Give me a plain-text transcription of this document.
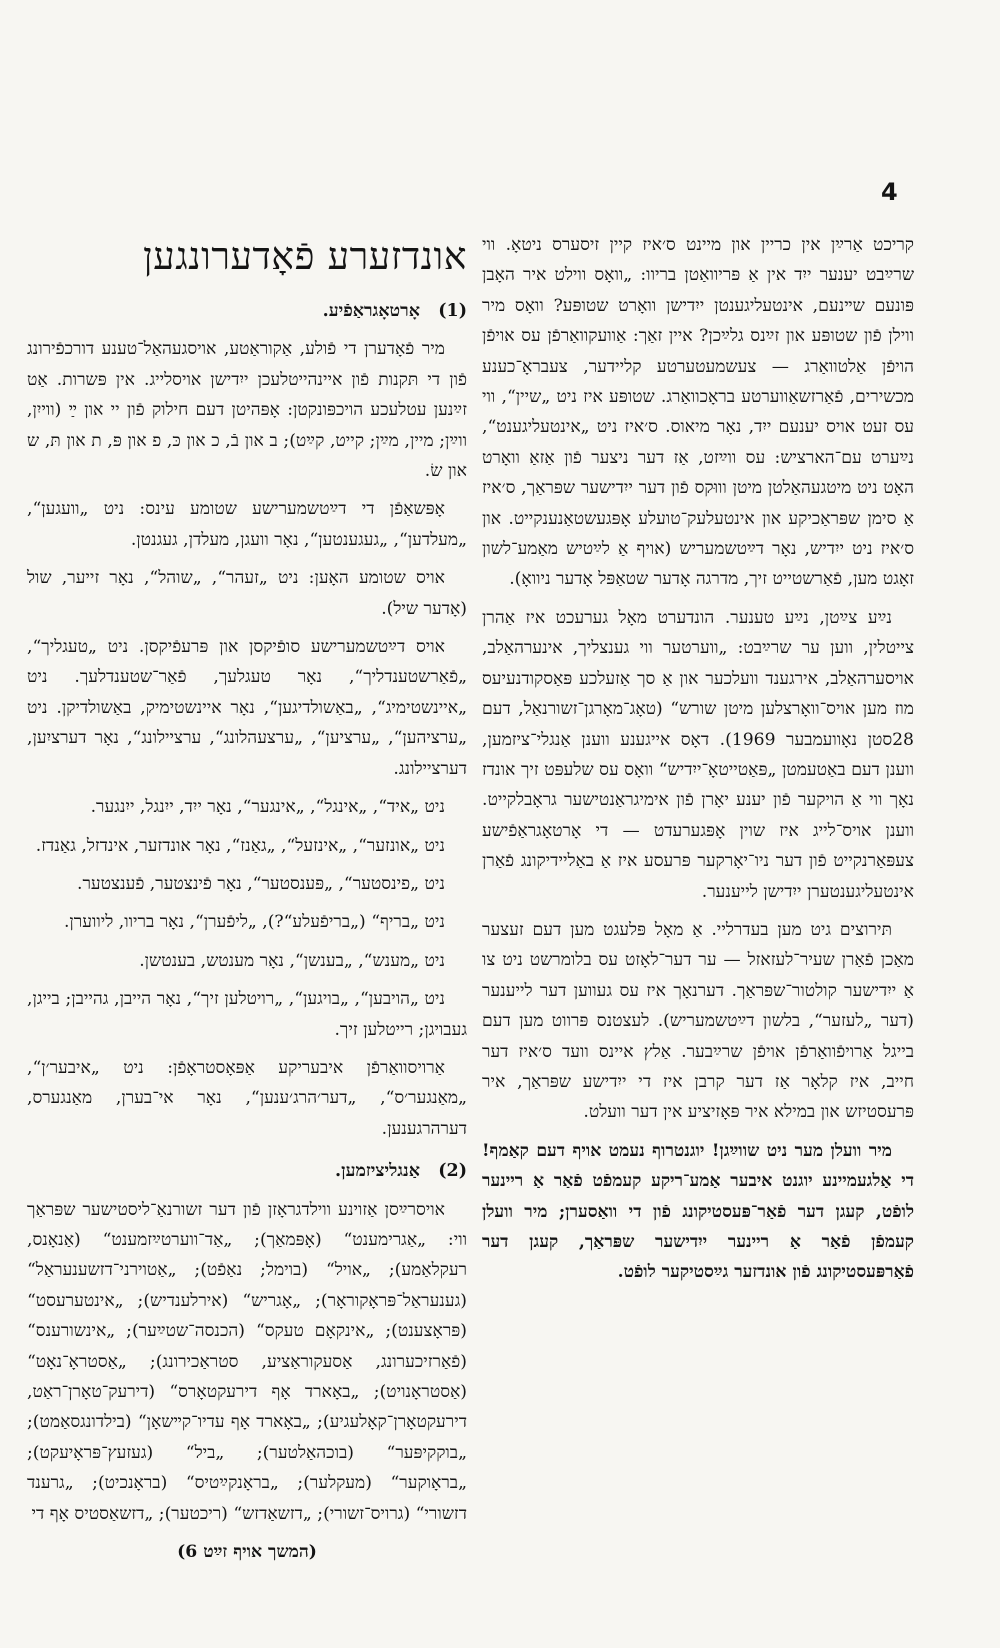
4

קריכט אַרײַן אין כריין און מיינט ס׳איז קיין זיסערס ניטאָ. ווי שרײַבט יענער ייִד אין אַ פּריוואַטן בריוו: „וואָס ווילט איר האָבן פּונעם שײנעם, אינטעליגענטן ייִדישן וואָרט שטופּע? וואָס מיר ווילן פֿון שטופּע און זײַנס גלײַכן? איין זאַך: אַוועקוואַרפֿן עס אויפֿן הויפֿן אַלטוואַרג — צעשמעטערטע קליידער, צעבראָ־כענע מכשירים, פֿאַרזשאַווערטע בראָכוואַרג. שטופּע איז ניט „שיין“, ווי עס זעט אויס יענעם ייִד, נאָר מיאוס. ס׳איז ניט „אינטעליגענט“, נײַערט עם־הארציש: עס ווײַזט, אַז דער ניצער פֿון אַזאַ וואָרט האָט ניט מיטגעהאַלטן מיטן וווּקס פֿון דער ייִדישער שפּראַך, ס׳איז אַ סימן שפּראַכיקע און אינטעלעק־טועלע אָפּגעשטאַנענקייט. און ס׳איז ניט ייִדיש, נאָר דײַטשמעריש (אויף אַ לײַטיש מאַמע־לשון זאָגט מען, פֿאַרשטייט זיך, מדרגה אָדער שטאַפּל אָדער ניוואָ).

נײַע צײַטן, נײַע טענער. הונדערט מאָל גערעכט איז אַהרן צייטלין, ווען ער שרײַבט: „ווערטער ווי גענצליך, אינערהאַלב, אויסערהאַלב, אירגענד וועלכער און אַ סך אַזעלכע פּאַסקודנעיעס מוז מען אויס־וואָרצלען מיטן שורש“ (טאָג־מאָרגן־זשורנאַל, דעם 28סטן נאָוועמבער 1969). דאָס אייגענע ווענן אַנגלי־ציזמען, ווענן דעם באַטעמטן „פּאַטייטאָ־ייִדיש“ וואָס עס שלעפּט זיך אונדז נאָך ווי אַ הויקער פֿון יענע יאָרן פֿון אימיגראַנטישער גראָבלקייט. ווענן אויס־לייג איז שוין אָפּגערעדט — די אָרטאָגראַפֿישע צעפּאַרנקייט פֿון דער ניו־יאָרקער פּרעסע איז אַ באַליידיקונג פֿאַרן אינטעליגענטערן ייִדישן לייענער.

תּירוצים גיט מען בעדרליי. אַ מאָל פּלעגט מען דעם זעצער מאַכן פֿאַרן שעיר־לעזאזל — ער דער־לאָזט עס בלומרשט ניט צו אַ ייִדישער קולטור־שפּראַך. דערנאָך איז עס געווען דער לייענער (דער „לעזער“, בלשון דײַטשמעריש). לעצטנס פּרווט מען דעם בייגל אַרויפֿוואַרפֿן אויפֿן שרײַבער. אַלץ איינס וועד ס׳איז דער חייב, איז קלאָר אַז דער קרבן איז די ייִדישע שפּראַך, איר פּרעסטיזש און במילא איר פּאָזיציע אין דער וועלט.

מיר וועלן מער ניט שווײַגן! יוגנטרוף נעמט אויף דעם קאַמף! די אַלגעמיינע יוגנט איבער אַמע־ריקע קעמפֿט פֿאַר אַ ריינער לופֿט, קעגן דער פֿאַר־פּעסטיקונג פֿון די וואַסערן; מיר וועלן קעמפֿן פֿאַר אַ ריינער ייִדישער שפּראַך, קעגן דער פֿאַרפּעסטיקונג פֿון אונדזער גײַסטיקער לופֿט.

אונדזערע פֿאָדערונגען
(1)   אָרטאָגראַפֿיע.

מיר פֿאָדערן די פֿולע, אַקוראַטע, אויסגעהאַל־טענע דורכפֿירונג פֿון די תּקנות פֿון איינהייטלעכן ייִדישן אויסלייג. אין פּשרות. אַט זײַנען עטלעכע הויכפּונקטן: אָפּהיטן דעם חילוק פֿון יי און ײַ (ווייִן, ווײַן; מיין, מײַן; קייט, קײַט); ב און בֿ, כ און כּ, פ און פּ, ת און תּ, ש און שׂ.

אָפּשאַפֿן די דײַטשמערישע שטומע עינס: ניט „וועגען“, „מעלדען“, „געגענטען“, נאָר וועגן, מעלדן, געגנטן.

אויס שטומע האָען: ניט „זעהר“, „שוהל“, נאָר זייער, שול (אָדער שיל).

אויס דײַטשמערישע סופֿיקסן און פּרעפֿיקסן. ניט „טעגליך“, „פֿאַרשטענדליך“, נאָר טעגלעך, פֿאַר־שטענדלעך. ניט „איינשטימיג“, „באַשולדיגען“, נאָר איינשטימיק, באַשולדיקן. ניט „ערציהען“, „ערציען“, „ערצעהלונג“, ערציילונג“, נאָר דערציִען, דערציילונג.

ניט „איד“, „אינגל“, „אינגער“, נאָר ייִד, ייִנגל, ייִנגער.

ניט „אונזער“, „אינזעל“, „גאַנז“, נאָר אונדזער, אינדזל, גאַנדז.

ניט „פינסטער“, „פּענסטער“, נאָר פֿינצטער, פֿענצטער.

ניט „בריף“ („בריפֿעלע“?), „ליפֿערן“, נאָר בריוו, ליווערן.

ניט „מענש“, „בענשן“, נאָר מענטש, בענטשן.

ניט „הויבען“, „בויגען“, „רויטלען זיך“, נאָר הייבן, גהייבן; בייגן, געבויגן; רייטלען זיך.

אַרויסוואַרפֿן איבעריקע אַפּאָסטראָפֿן: ניט „איבער׳ן“, „מאַנגער׳ס“, „דער׳הרג׳ענען“, נאָר אי־בערן, מאַנגערס, דערהרגענען.

(2)   אַנגליציזמען.

אויסרײַסן אַזוינע ווילדגראָזן פֿון דער זשורנאַ־ליסטישער שפּראַך ווי: „אַגרימענט“ (אָפּמאַך); „אַד־ווערטײַזמענט“ (אַנאָנס, רעקלאַמע); „אויל“ (בוימל; נאַפֿט); „אַטוירני־דזשענעראַל“ (גענעראַל־פּראָקוראָר); „אָגריש“ (אירלענדיש); „אינטערעסט“ (פּראָצענט); „אינקאָם טעקס“ (הכנסה־שטײַער); „אינשורענס“ (פֿאַרזיכערונג, אַסעקוראַציע, סטראַכירונג); „אַסטראָ־נאָט“ (אַסטראָנויט); „באָארד אָף דירעקטאָרס“ (דירעק־טאָרן־ראַט, דירעקטאָרן־קאָלעגיע); „באָארד אָף עדיו־קײשאָן“ (בילדונגסאַמט); „בוקקיפּער“ (בוכהאַלטער); „ביל“ (געזעץ־פּראָיעקט); „בראָוקער“ (מעקלער); „בראָנקײַטיס“ (בראָנכיט); „גרענד דזשורי“ (גרויס־זשורי); „דזשאַדזש“ (ריכטער); „דזשאַסטיס אָף די

(המשך אויף זײַט 6)
